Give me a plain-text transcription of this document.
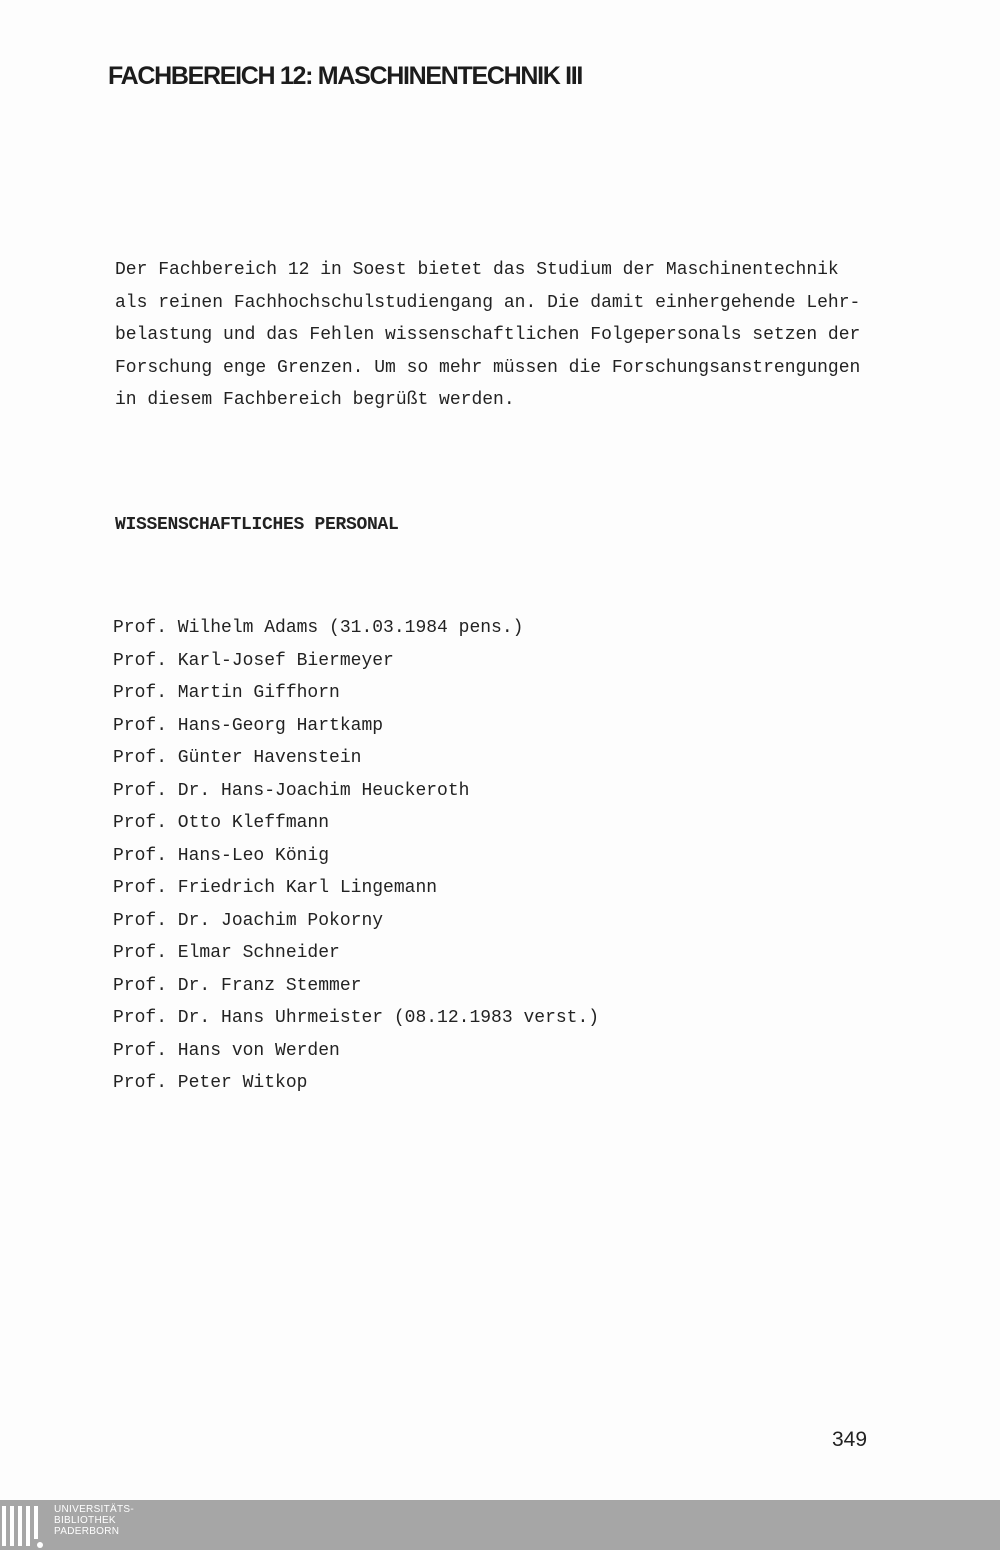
FACHBEREICH 12: MASCHINENTECHNIK III

Der Fachbereich 12 in Soest bietet das Studium der Maschinentechnik
als reinen Fachhochschulstudiengang an. Die damit einhergehende Lehr-
belastung und das Fehlen wissenschaftlichen Folgepersonals setzen der
Forschung enge Grenzen. Um so mehr müssen die Forschungsanstrengungen
in diesem Fachbereich begrüßt werden.

WISSENSCHAFTLICHES PERSONAL
Prof. Wilhelm Adams (31.03.1984 pens.)
Prof. Karl-Josef Biermeyer
Prof. Martin Giffhorn
Prof. Hans-Georg Hartkamp
Prof. Günter Havenstein
Prof. Dr. Hans-Joachim Heuckeroth
Prof. Otto Kleffmann
Prof. Hans-Leo König
Prof. Friedrich Karl Lingemann
Prof. Dr. Joachim Pokorny
Prof. Elmar Schneider
Prof. Dr. Franz Stemmer
Prof. Dr. Hans Uhrmeister (08.12.1983 verst.)
Prof. Hans von Werden
Prof. Peter Witkop
349
UNIVERSITÄTS-
BIBLIOTHEK
PADERBORN
